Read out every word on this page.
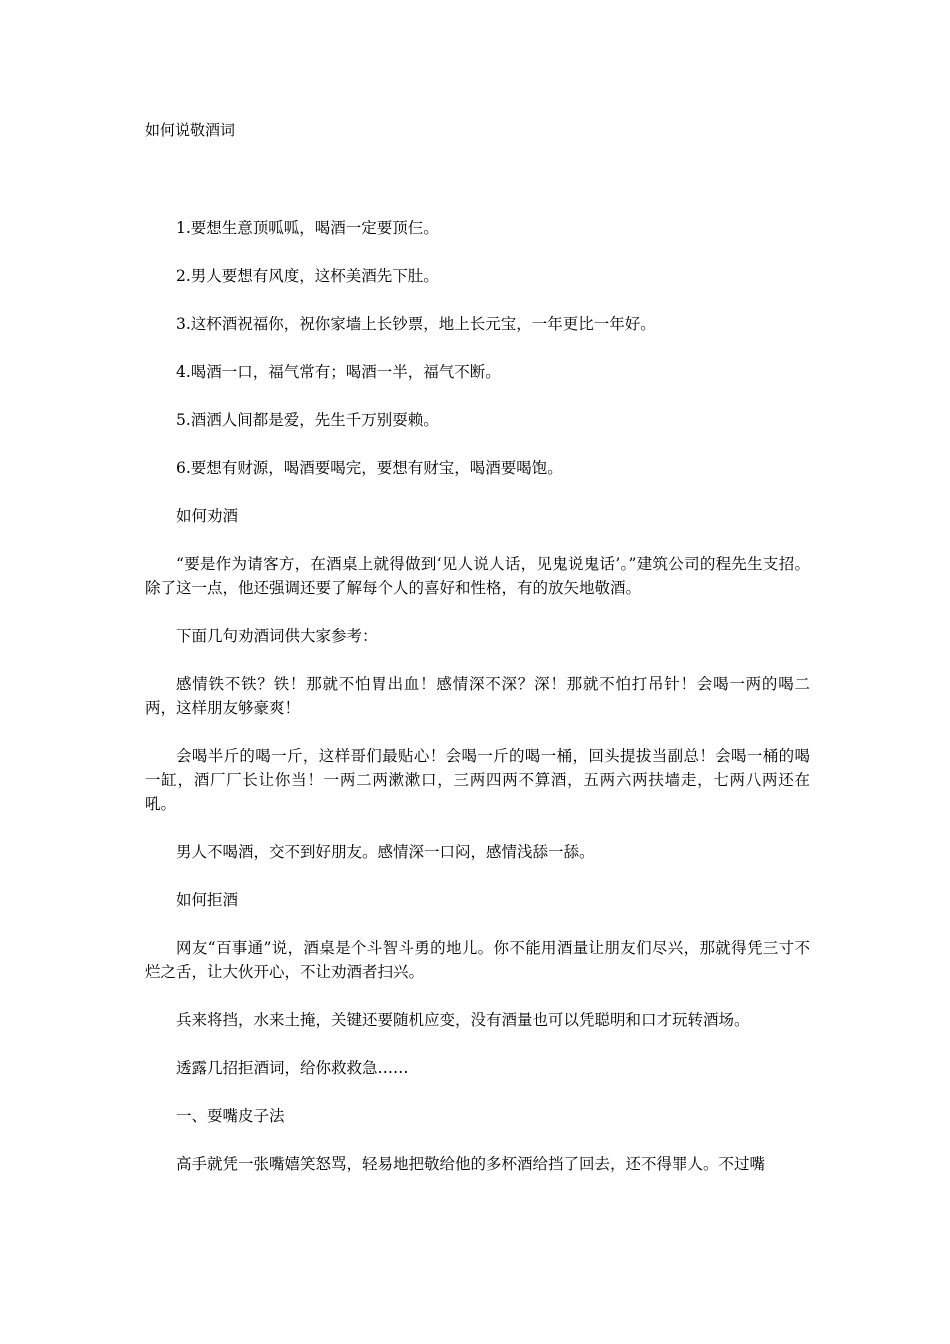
如何说敬酒词

1.要想生意顶呱呱，喝酒一定要顶仨。

2.男人要想有风度，这杯美酒先下肚。

3.这杯酒祝福你，祝你家墙上长钞票，地上长元宝，一年更比一年好。

4.喝酒一口，福气常有；喝酒一半，福气不断。

5.酒洒人间都是爱，先生千万别耍赖。

6.要想有财源，喝酒要喝完，要想有财宝，喝酒要喝饱。

如何劝酒

“要是作为请客方，在酒桌上就得做到‘见人说人话，见鬼说鬼话’。”建筑公司的程先生支招。除了这一点，他还强调还要了解每个人的喜好和性格，有的放矢地敬酒。

下面几句劝酒词供大家参考：

感情铁不铁？铁！那就不怕胃出血！感情深不深？深！那就不怕打吊针！会喝一两的喝二两，这样朋友够豪爽！

会喝半斤的喝一斤，这样哥们最贴心！会喝一斤的喝一桶，回头提拔当副总！会喝一桶的喝一缸，酒厂厂长让你当！一两二两漱漱口，三两四两不算酒，五两六两扶墙走，七两八两还在吼。

男人不喝酒，交不到好朋友。感情深一口闷，感情浅舔一舔。

如何拒酒

网友“百事通”说，酒桌是个斗智斗勇的地儿。你不能用酒量让朋友们尽兴，那就得凭三寸不烂之舌，让大伙开心，不让劝酒者扫兴。

兵来将挡，水来土掩，关键还要随机应变，没有酒量也可以凭聪明和口才玩转酒场。

透露几招拒酒词，给你救救急……

一、耍嘴皮子法

高手就凭一张嘴嬉笑怒骂，轻易地把敬给他的多杯酒给挡了回去，还不得罪人。不过嘴
